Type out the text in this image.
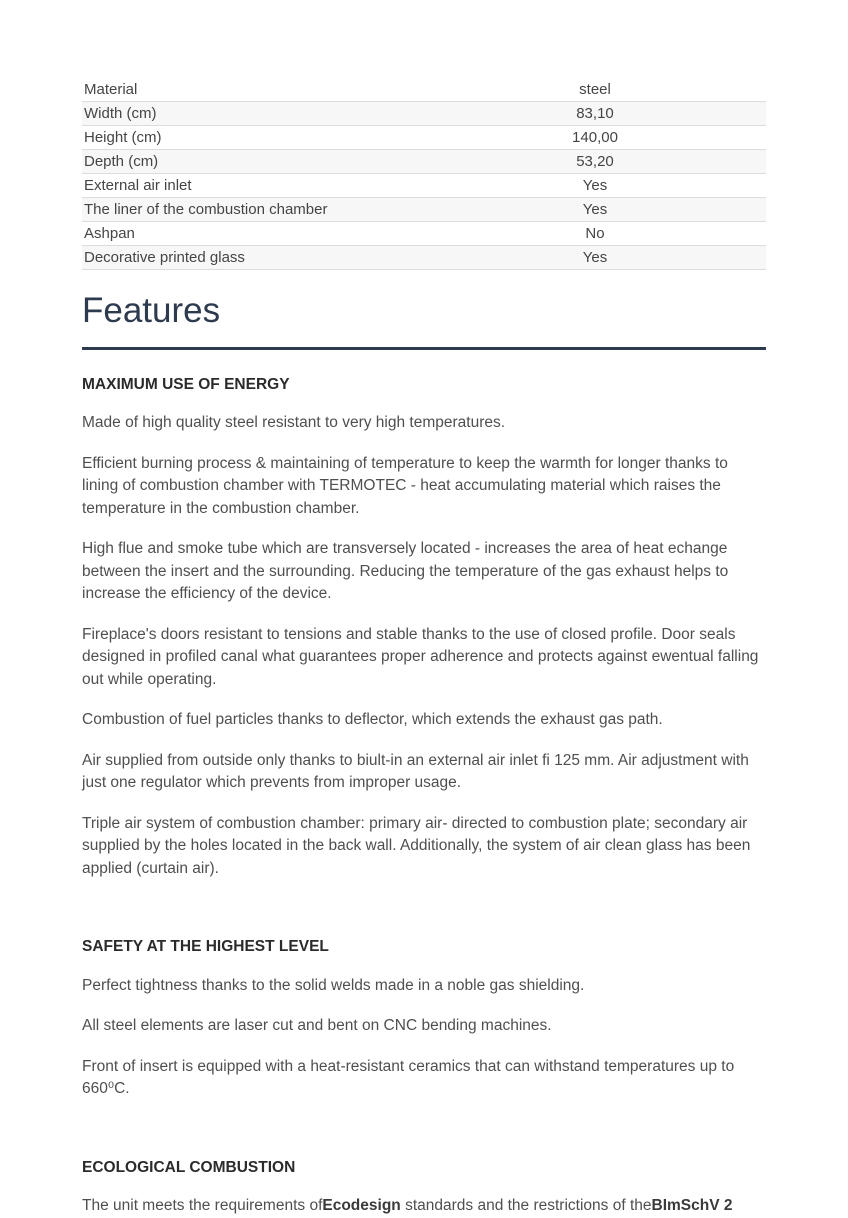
Material	steel
Width (cm)	83,10
Height (cm)	140,00
Depth (cm)	53,20
External air inlet	Yes
The liner of the combustion chamber	Yes
Ashpan	No
Decorative printed glass	Yes
Features
MAXIMUM USE OF ENERGY

Made of high quality steel resistant to very high temperatures.

Efficient burning process & maintaining of temperature to keep the warmth for longer thanks to lining of combustion chamber with TERMOTEC - heat accumulating material which raises the temperature in the combustion chamber.

High flue and smoke tube which are transversely located - increases the area of heat echange between the insert and the surrounding. Reducing the temperature of the gas exhaust helps to increase the efficiency of the device.

Fireplace's doors resistant to tensions and stable thanks to the use of closed profile. Door seals designed in profiled canal what guarantees proper adherence and protects against ewentual falling out while operating.

Combustion of fuel particles thanks to deflector, which extends the exhaust gas path.

Air supplied from outside only thanks to biult-in an external air inlet fi 125 mm. Air adjustment with just one regulator which prevents from improper usage.

Triple air system of combustion chamber: primary air- directed to combustion plate; secondary air supplied by the holes located in the back wall. Additionally, the system of air clean glass has been applied (curtain air).

SAFETY AT THE HIGHEST LEVEL

Perfect tightness thanks to the solid welds made in a noble gas shielding.

All steel elements are laser cut and bent on CNC bending machines.

Front of insert is equipped with a heat-resistant ceramics that can withstand temperatures up to 660⁰C.

ECOLOGICAL COMBUSTION

The unit meets the requirements ofEcodesign standards and the restrictions of theBImSchV 2
